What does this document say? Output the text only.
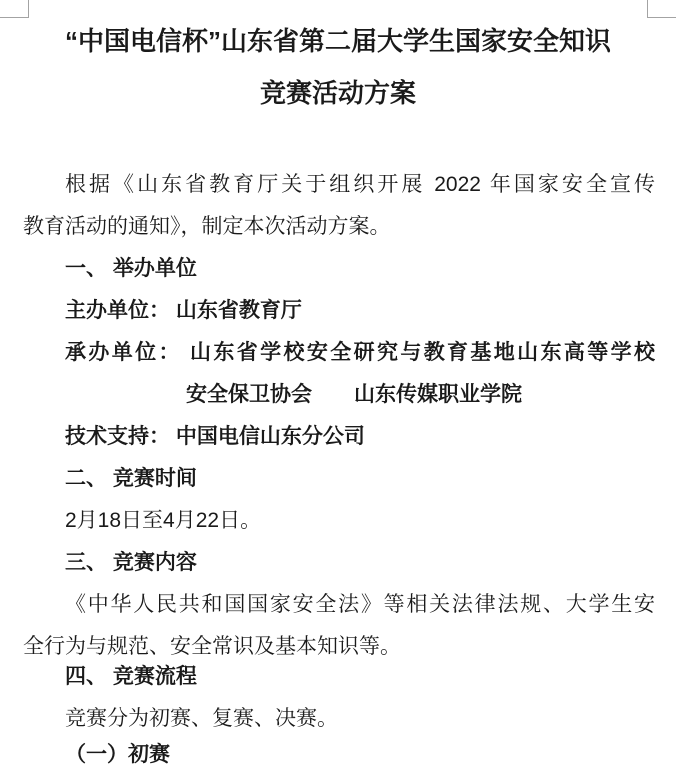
“中国电信杯”山东省第二届大学生国家安全知识
竞赛活动方案
根据《山东省教育厅关于组织开展 2022 年国家安全宣传
教育活动的通知》，制定本次活动方案。
一、 举办单位
主办单位： 山东省教育厅
承办单位： 山东省学校安全研究与教育基地山东高等学校
安全保卫协会　　山东传媒职业学院
技术支持： 中国电信山东分公司
二、 竞赛时间
2月18日至4月22日。
三、 竞赛内容
《中华人民共和国国家安全法》等相关法律法规、大学生安
全行为与规范、安全常识及基本知识等。
四、 竞赛流程
竞赛分为初赛、复赛、决赛。
（一）初赛
